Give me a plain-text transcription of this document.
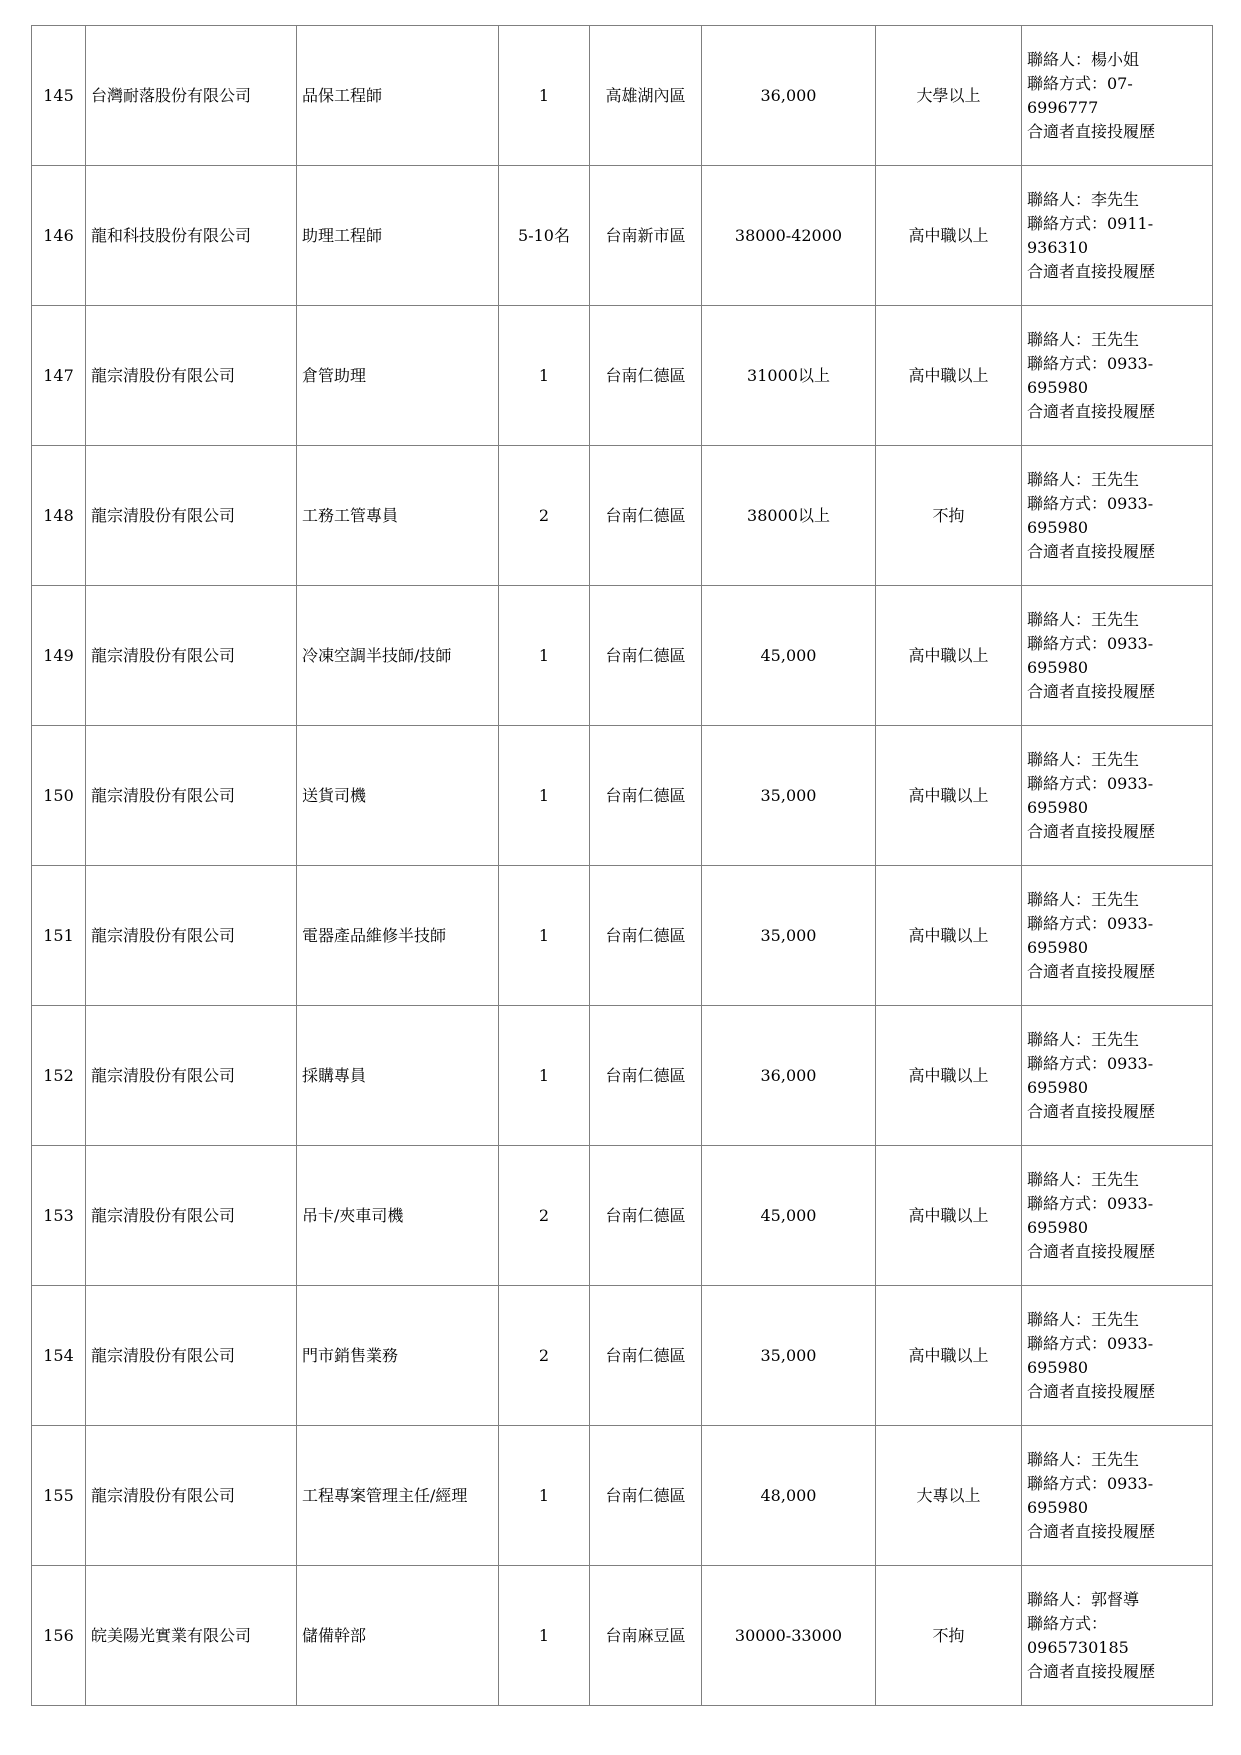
145	台灣耐落股份有限公司	品保工程師	1	高雄湖內區	36,000	大學以上	聯絡人：楊小姐
聯絡方式：07-
6996777
合適者直接投履歷

146	龍和科技股份有限公司	助理工程師	5-10名	台南新市區	38000-42000	高中職以上	聯絡人：李先生
聯絡方式：0911-
936310
合適者直接投履歷

147	龍宗清股份有限公司	倉管助理	1	台南仁德區	31000以上	高中職以上	聯絡人：王先生
聯絡方式：0933-
695980
合適者直接投履歷

148	龍宗清股份有限公司	工務工管專員	2	台南仁德區	38000以上	不拘	聯絡人：王先生
聯絡方式：0933-
695980
合適者直接投履歷

149	龍宗清股份有限公司	冷凍空調半技師/技師	1	台南仁德區	45,000	高中職以上	聯絡人：王先生
聯絡方式：0933-
695980
合適者直接投履歷

150	龍宗清股份有限公司	送貨司機	1	台南仁德區	35,000	高中職以上	聯絡人：王先生
聯絡方式：0933-
695980
合適者直接投履歷

151	龍宗清股份有限公司	電器產品維修半技師	1	台南仁德區	35,000	高中職以上	聯絡人：王先生
聯絡方式：0933-
695980
合適者直接投履歷

152	龍宗清股份有限公司	採購專員	1	台南仁德區	36,000	高中職以上	聯絡人：王先生
聯絡方式：0933-
695980
合適者直接投履歷

153	龍宗清股份有限公司	吊卡/夾車司機	2	台南仁德區	45,000	高中職以上	聯絡人：王先生
聯絡方式：0933-
695980
合適者直接投履歷

154	龍宗清股份有限公司	門市銷售業務	2	台南仁德區	35,000	高中職以上	聯絡人：王先生
聯絡方式：0933-
695980
合適者直接投履歷

155	龍宗清股份有限公司	工程專案管理主任/經理	1	台南仁德區	48,000	大專以上	聯絡人：王先生
聯絡方式：0933-
695980
合適者直接投履歷

156	皖美陽光實業有限公司	儲備幹部	1	台南麻豆區	30000-33000	不拘	聯絡人：郭督導
聯絡方式：
0965730185
合適者直接投履歷
